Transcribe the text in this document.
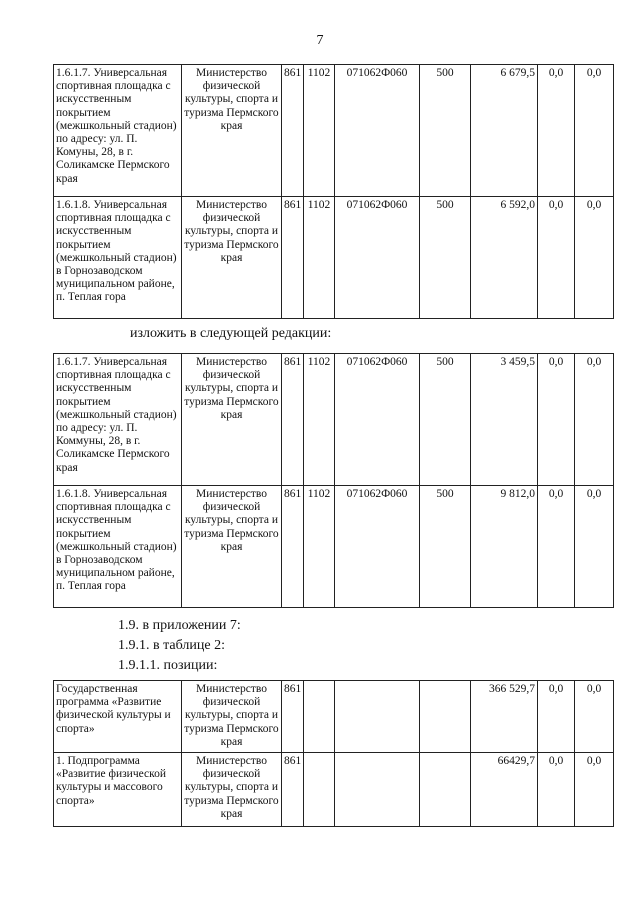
7
1.6.1.7. Универсальная спортивная площадка с искусственным покрытием (межшкольный стадион) по адресу: ул. П. Комуны, 28, в г. Соликамске Пермского края	Министерство физической культуры, спорта и туризма Пермского края	861	1102	071062Ф060	500	6 679,5	0,0	0,0
1.6.1.8. Универсальная спортивная площадка с искусственным покрытием (межшкольный стадион) в Горнозаводском муниципальном районе, п. Теплая гора	Министерство физической культуры, спорта и туризма Пермского края	861	1102	071062Ф060	500	6 592,0	0,0	0,0
изложить в следующей редакции:
1.6.1.7. Универсальная спортивная площадка с искусственным покрытием (межшкольный стадион) по адресу: ул. П. Коммуны, 28, в г. Соликамске Пермского края	Министерство физической культуры, спорта и туризма Пермского края	861	1102	071062Ф060	500	3 459,5	0,0	0,0
1.6.1.8. Универсальная спортивная площадка с искусственным покрытием (межшкольный стадион) в Горнозаводском муниципальном районе, п. Теплая гора	Министерство физической культуры, спорта и туризма Пермского края	861	1102	071062Ф060	500	9 812,0	0,0	0,0
1.9. в приложении 7:
1.9.1. в таблице 2:
1.9.1.1. позиции:
Государственная программа «Развитие физической культуры и спорта»	Министерство физической культуры, спорта и туризма Пермского края	861				366 529,7	0,0	0,0
1. Подпрограмма «Развитие физической культуры и массового спорта»	Министерство физической культуры, спорта и туризма Пермского края	861				66429,7	0,0	0,0
